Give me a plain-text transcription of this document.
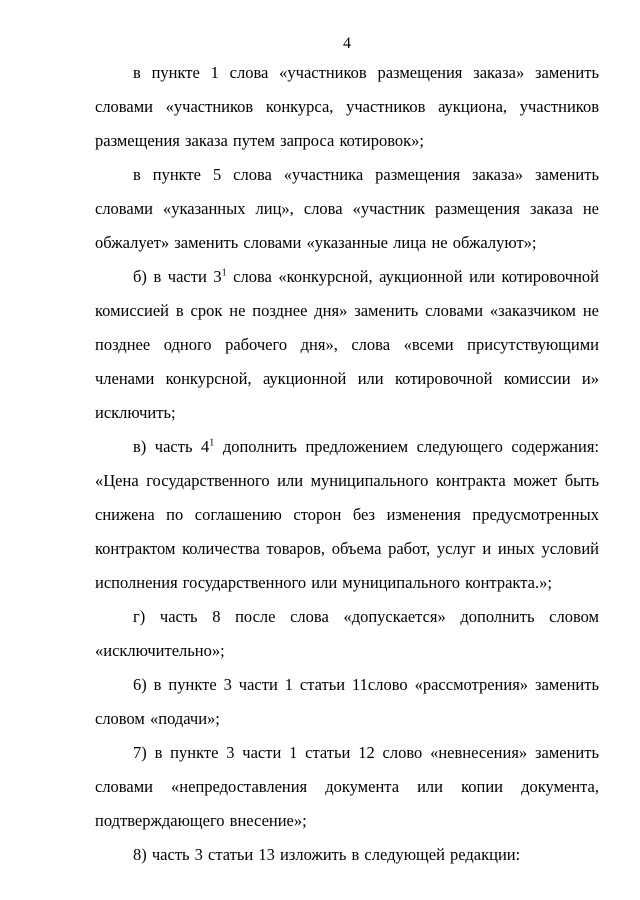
4

в пункте 1 слова «участников размещения заказа» заменить словами «участников конкурса, участников аукциона, участников размещения заказа путем запроса котировок»;

в пункте 5 слова «участника размещения заказа» заменить словами «указанных лиц», слова «участник размещения заказа не обжалует» заменить словами «указанные лица не обжалуют»;

б) в части $3^1$ слова «конкурсной, аукционной или котировочной комиссией в срок не позднее дня» заменить словами «заказчиком не позднее одного рабочего дня», слова «всеми присутствующими членами конкурсной, аукционной или котировочной комиссии и» исключить;

в) часть $4^1$ дополнить предложением следующего содержания: «Цена государственного или муниципального контракта может быть снижена по соглашению сторон без изменения предусмотренных контрактом количества товаров, объема работ, услуг и иных условий исполнения государственного или муниципального контракта.»;

г) часть 8 после слова «допускается» дополнить словом «исключительно»;

6) в пункте 3 части 1 статьи 11слово «рассмотрения» заменить словом «подачи»;

7) в пункте 3 части 1 статьи 12 слово «невнесения» заменить словами «непредоставления документа или копии документа, подтверждающего внесение»;

8) часть 3 статьи 13 изложить в следующей редакции:
